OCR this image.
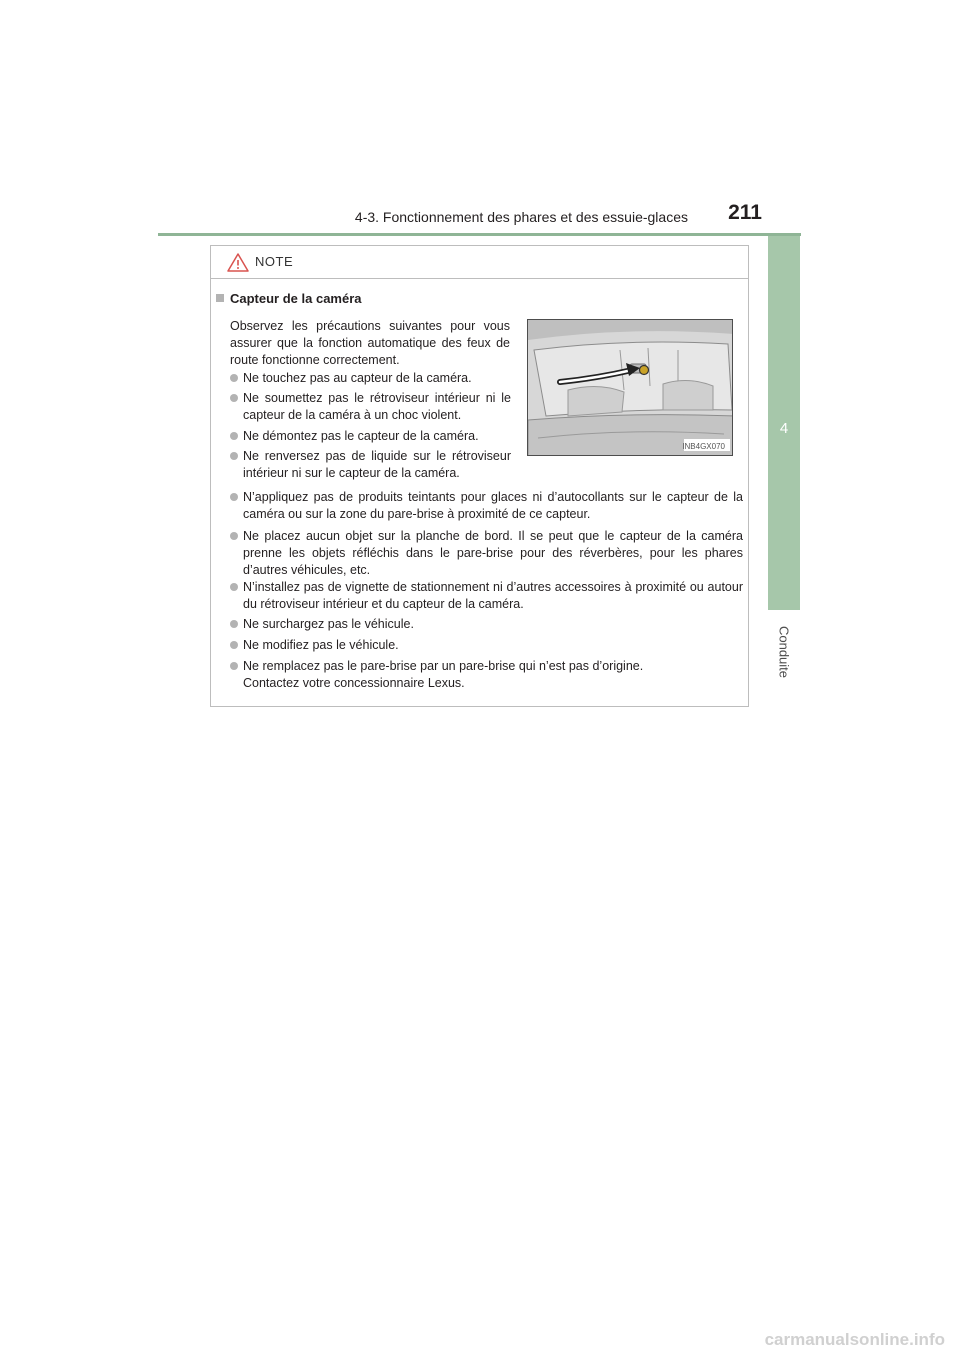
4-3. Fonctionnement des phares et des essuie-glaces	211
4
Conduite
NOTE
Capteur de la caméra
Observez les précautions suivantes pour vous assurer que la fonction automatique des feux de route fonctionne correctement.
Ne touchez pas au capteur de la caméra.
Ne soumettez pas le rétroviseur intérieur ni le capteur de la caméra à un choc violent.
Ne démontez pas le capteur de la caméra.
Ne renversez pas de liquide sur le rétroviseur intérieur ni sur le capteur de la caméra.
N’appliquez pas de produits teintants pour glaces ni d’autocollants sur le capteur de la caméra ou sur la zone du pare-brise à proximité de ce capteur.
Ne placez aucun objet sur la planche de bord. Il se peut que le capteur de la caméra prenne les objets réfléchis dans le pare-brise pour des réverbères, pour les phares d’autres véhicules, etc.
N’installez pas de vignette de stationnement ni d’autres accessoires à proximité ou autour du rétroviseur intérieur et du capteur de la caméra.
Ne surchargez pas le véhicule.
Ne modifiez pas le véhicule.
Ne remplacez pas le pare-brise par un pare-brise qui n’est pas d’origine. Contactez votre concessionnaire Lexus.
INB4GX070
carmanualsonline.info
